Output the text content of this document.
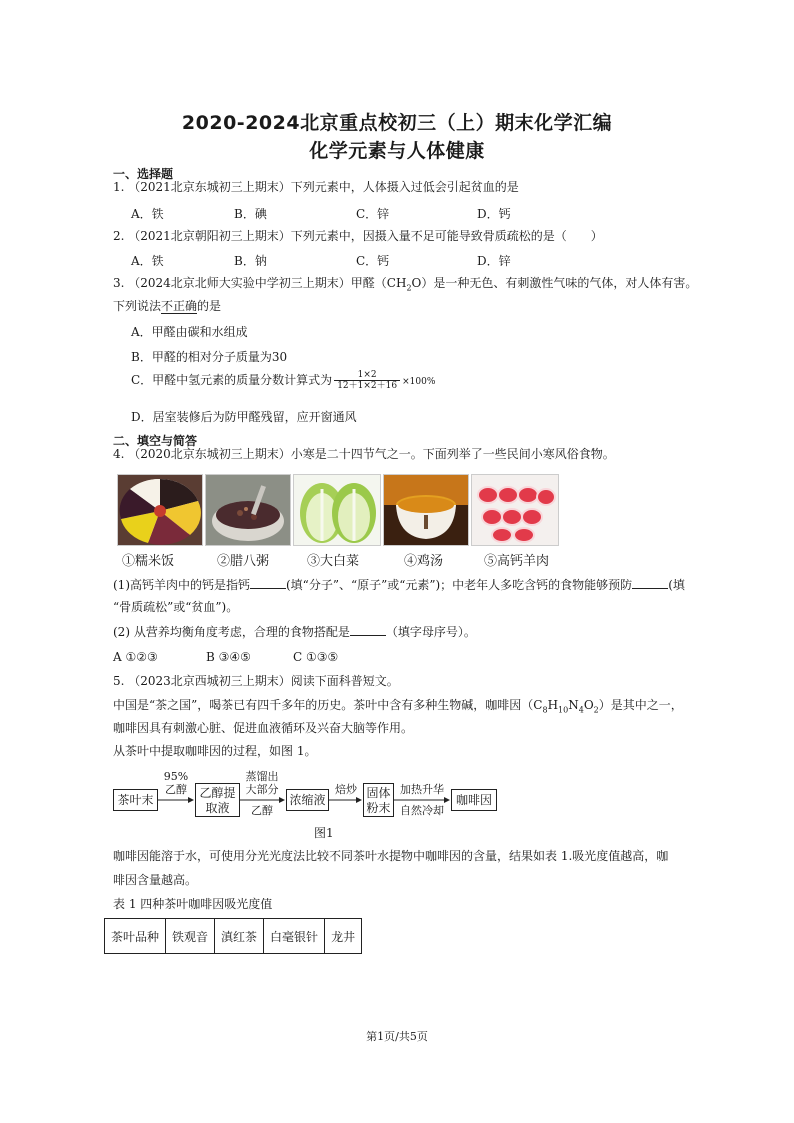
2020-2024北京重点校初三（上）期末化学汇编
化学元素与人体健康
一、选择题
1. （2021北京东城初三上期末）下列元素中，人体摄入过低会引起贫血的是
A．铁	B．碘	C．锌	D．钙
2. （2021北京朝阳初三上期末）下列元素中，因摄入量不足可能导致骨质疏松的是（　　）
A．铁	B．钠	C．钙	D．锌
3. （2024北京北师大实验中学初三上期末）甲醛$(CH_2O)$是一种无色、有刺激性气味的气体，对人体有害。
下列说法不正确的是
A．甲醛由碳和水组成
B．甲醛的相对分子质量为30
C．甲醛中氢元素的质量分数计算式为 $\frac{1\times 2}{12+1\times 2+16} \times 100\%$
D．居室装修后为防甲醛残留，应开窗通风
二、填空与简答
4. （2020北京东城初三上期末）小寒是二十四节气之一。下面列举了一些民间小寒风俗食物。
①糯米饭	②腊八粥	③大白菜	④鸡汤	⑤高钙羊肉
(1)高钙羊肉中的钙是指钙	(填“分子”、“原子”或“元素”)；中老年人多吃含钙的食物能够预防	(填
“骨质疏松”或“贫血”)。
(2) 从营养均衡角度考虑，合理的食物搭配是	（填字母序号）。
A ①②③	B ③④⑤	C ①③⑤
5. （2023北京西城初三上期末）阅读下面科普短文。
中国是“茶之国”，喝茶已有四千多年的历史。茶叶中含有多种生物碱，咖啡因$(C_8H_{10}N_4O_2)$是其中之一，
咖啡因具有刺激心脏、促进血液循环及兴奋大脑等作用。
从茶叶中提取咖啡因的过程，如图 1。
茶叶末
95%
乙醇	乙醇提
取液
蒸馏出
大部分
乙醇
浓缩液
焙炒 固体
粉末
加热升华
自然冷却
咖啡因
图1
咖啡因能溶于水，可使用分光光度法比较不同茶叶水提物中咖啡因的含量，结果如表 1.吸光度值越高，咖
啡因含量越高。
表 1 四种茶叶咖啡因吸光度值
茶叶品种	铁观音	滇红茶	白毫银针	龙井
第1页/共5页
